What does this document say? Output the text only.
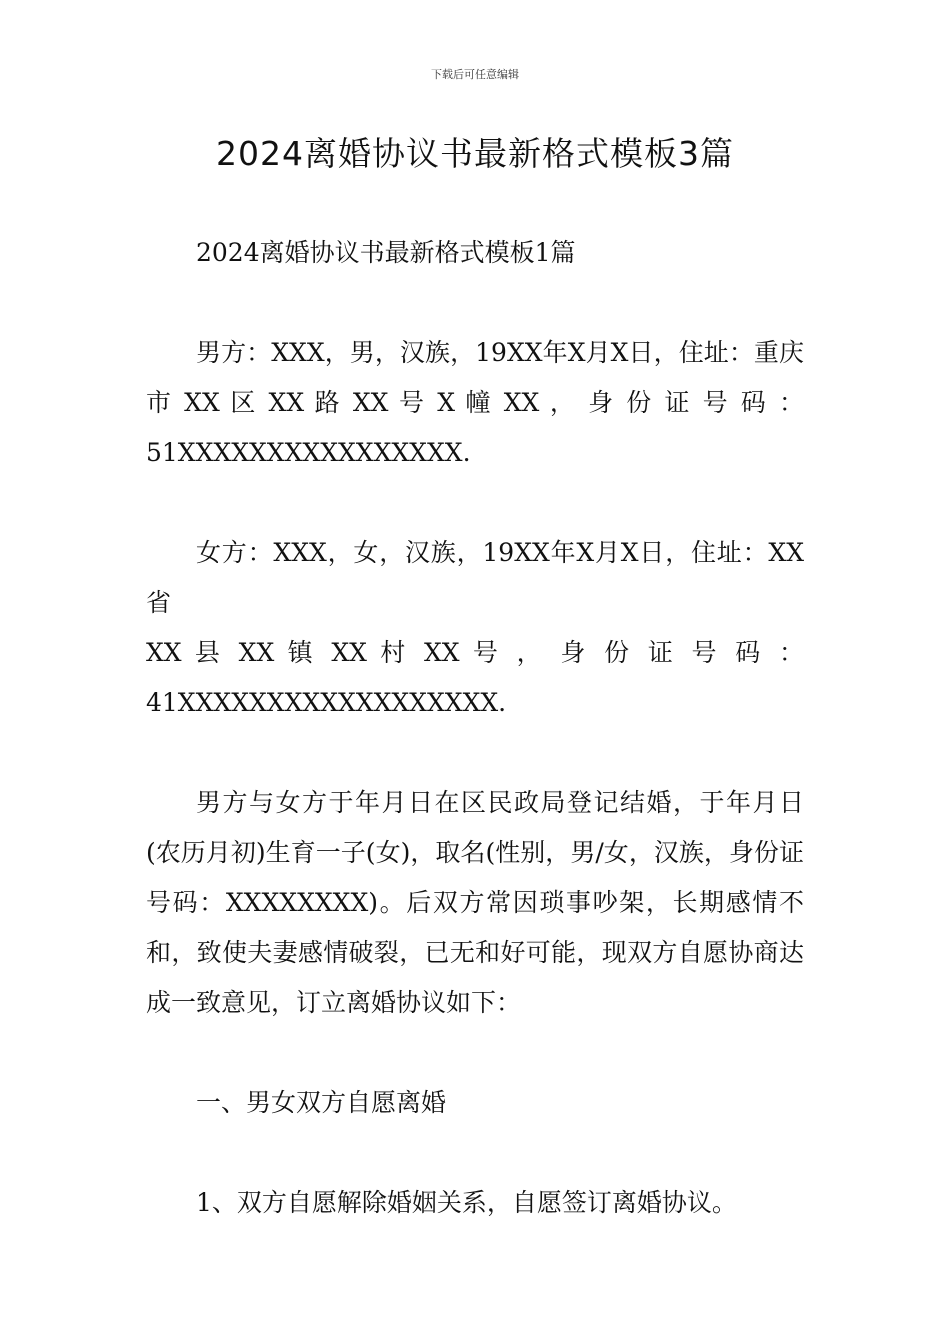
下载后可任意编辑
2024离婚协议书最新格式模板3篇

2024离婚协议书最新格式模板1篇

男方：XXX，男，汉族，19XX年X月X日，住址：重庆

市 XX 区 XX 路 XX 号 X 幢 XX ， 身 份 证 号 码 ：

51XXXXXXXXXXXXXXXX.

女方：XXX，女，汉族，19XX年X月X日，住址：XX省

XX 县 XX 镇 XX 村 XX 号 ， 身 份 证 号 码 ：

41XXXXXXXXXXXXXXXXXX.

男方与女方于年月日在区民政局登记结婚，于年月日(农历月初)生育一子(女)，取名(性别，男/女，汉族，身份证号码：XXXXXXXX)。后双方常因琐事吵架，长期感情不和，致使夫妻感情破裂，已无和好可能，现双方自愿协商达成一致意见，订立离婚协议如下：

一、男女双方自愿离婚

1、双方自愿解除婚姻关系，自愿签订离婚协议。
